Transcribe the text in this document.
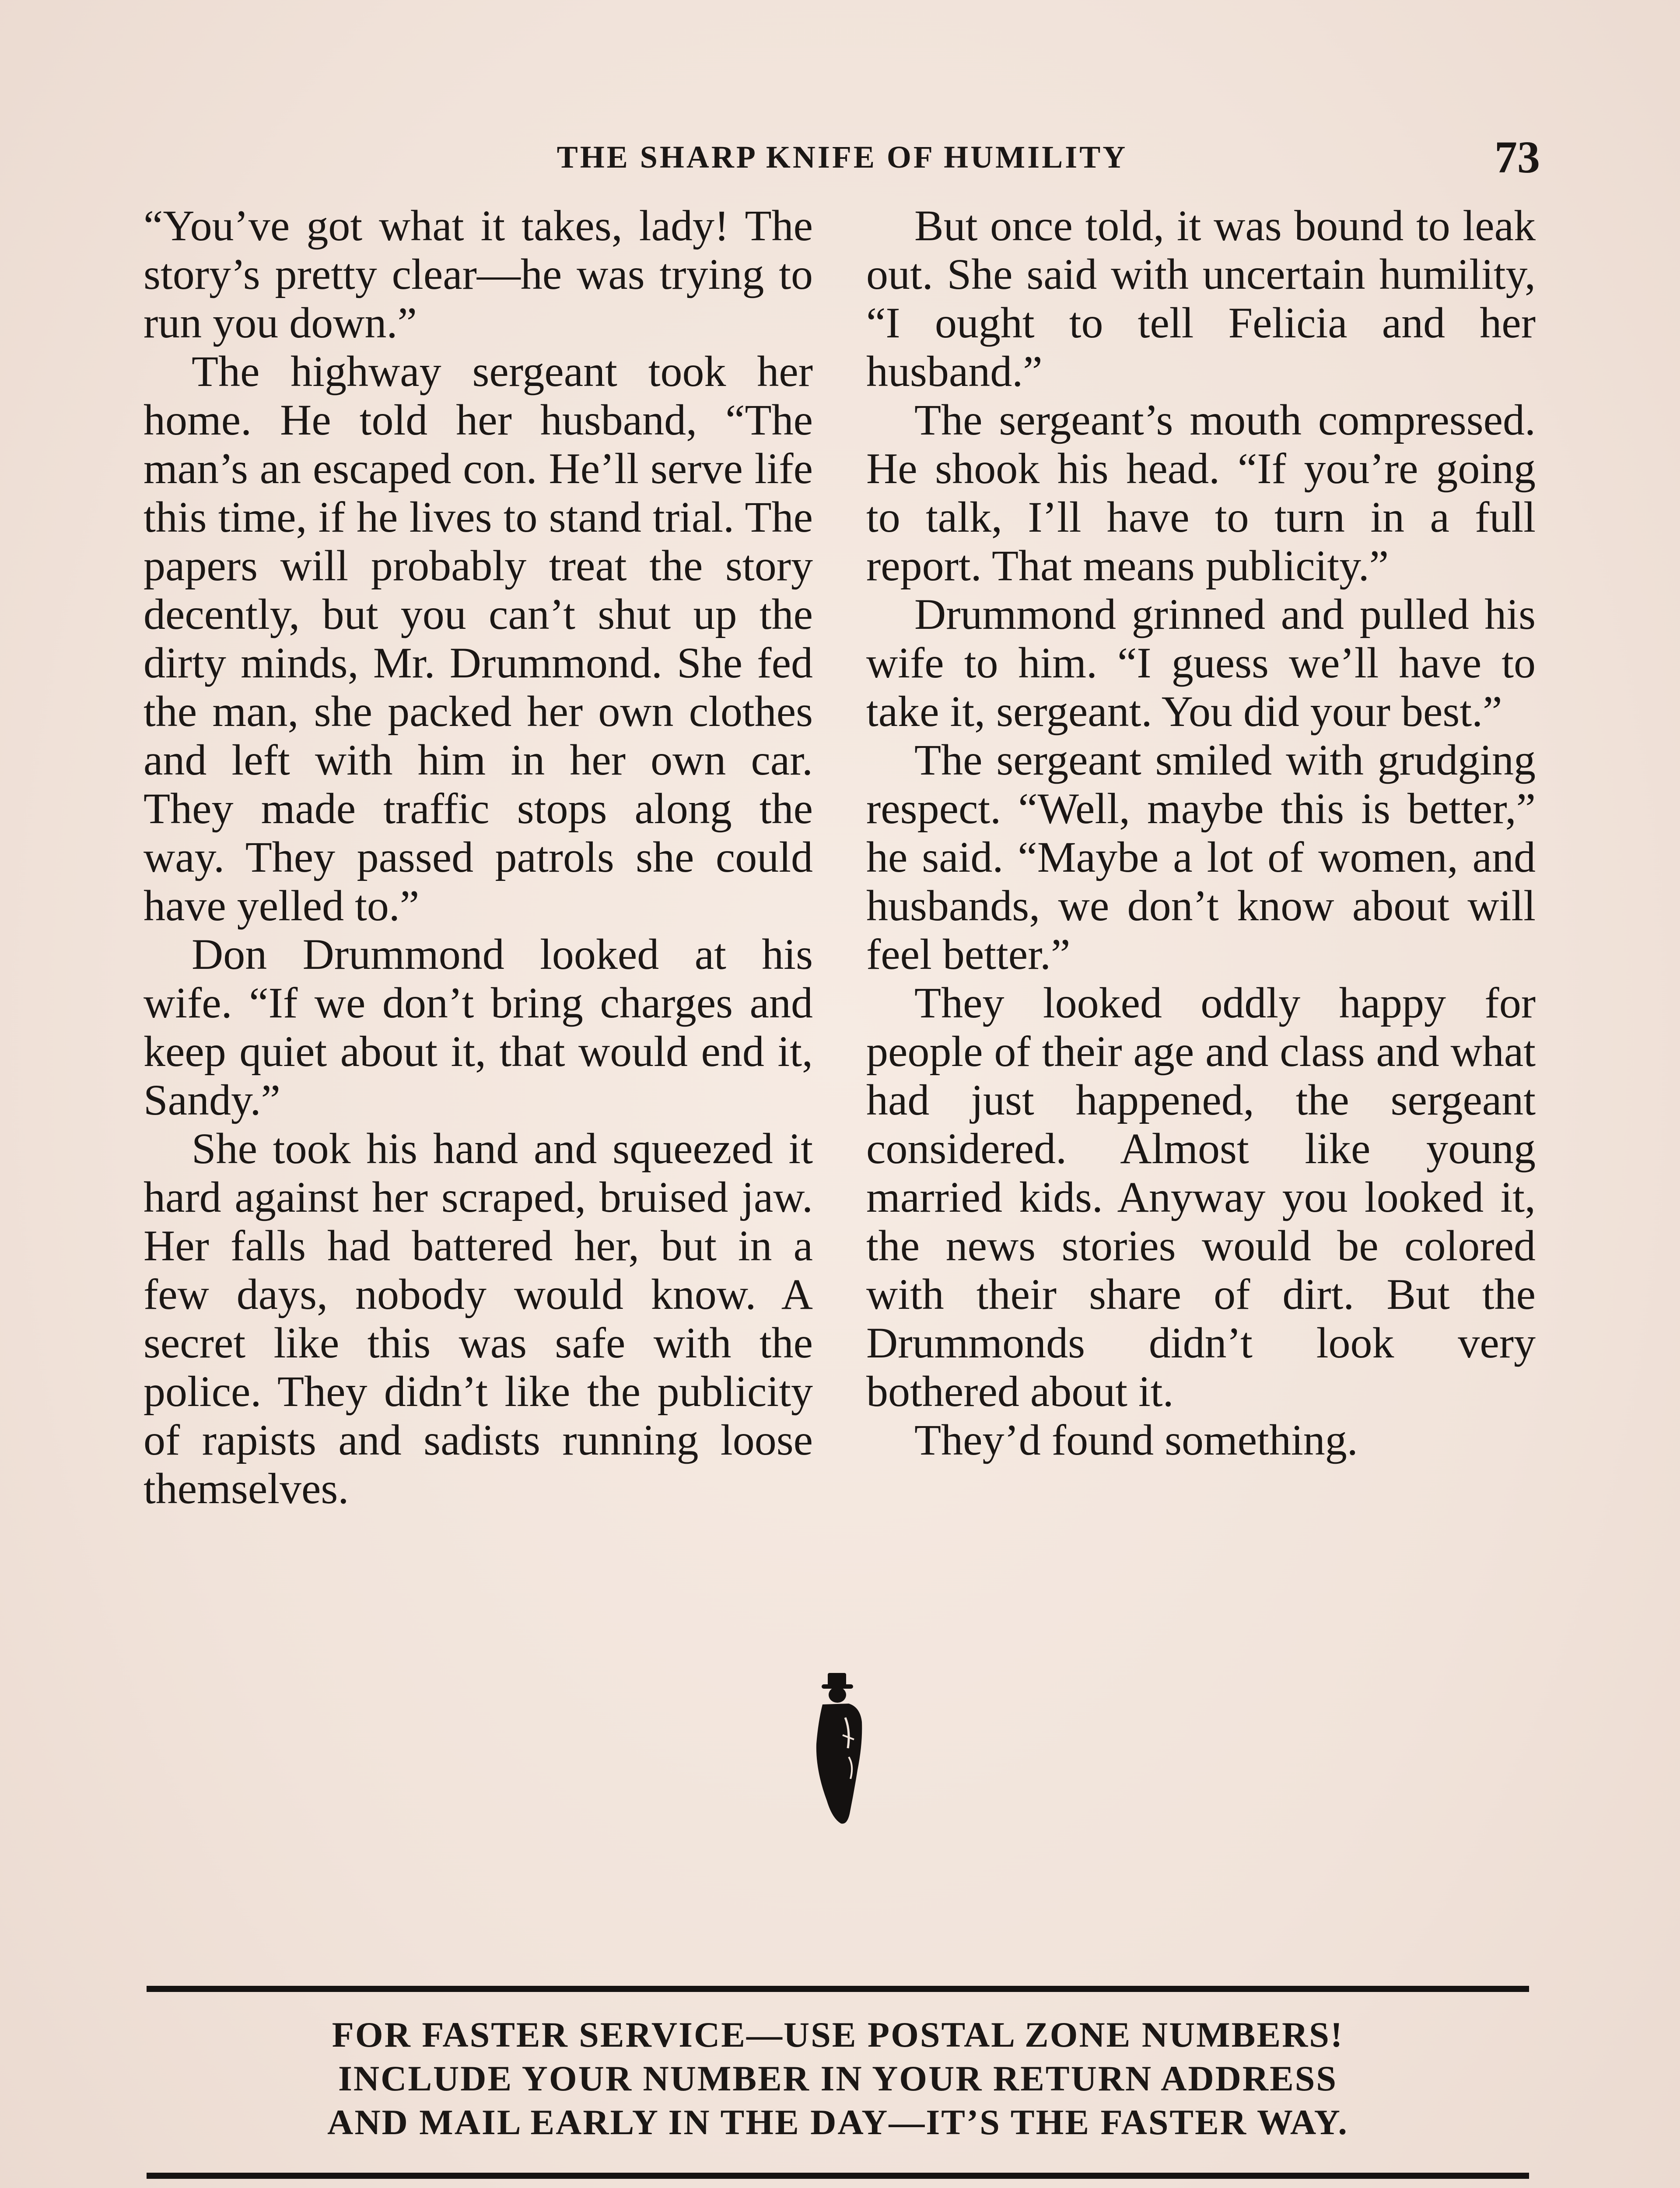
THE SHARP KNIFE OF HUMILITY	73

“You’ve got what it takes, lady! The story’s pretty clear—he was trying to run you down.”

The highway sergeant took her home. He told her husband, “The man’s an escaped con. He’ll serve life this time, if he lives to stand trial. The papers will probably treat the story decently, but you can’t shut up the dirty minds, Mr. Drummond. She fed the man, she packed her own clothes and left with him in her own car. They made traffic stops along the way. They passed patrols she could have yelled to.”

Don Drummond looked at his wife. “If we don’t bring charges and keep quiet about it, that would end it, Sandy.”

She took his hand and squeezed it hard against her scraped, bruised jaw. Her falls had battered her, but in a few days, nobody would know. A secret like this was safe with the police. They didn’t like the publicity of rapists and sadists running loose themselves.

But once told, it was bound to leak out. She said with uncertain humility, “I ought to tell Felicia and her husband.”

The sergeant’s mouth compressed. He shook his head. “If you’re going to talk, I’ll have to turn in a full report. That means publicity.”

Drummond grinned and pulled his wife to him. “I guess we’ll have to take it, sergeant. You did your best.”

The sergeant smiled with grudging respect. “Well, maybe this is better,” he said. “Maybe a lot of women, and husbands, we don’t know about will feel better.”

They looked oddly happy for people of their age and class and what had just happened, the sergeant considered. Almost like young married kids. Anyway you looked it, the news stories would be colored with their share of dirt. But the Drummonds didn’t look very bothered about it.

They’d found something.

FOR FASTER SERVICE—USE POSTAL ZONE NUMBERS!
INCLUDE YOUR NUMBER IN YOUR RETURN ADDRESS
AND MAIL EARLY IN THE DAY—IT’S THE FASTER WAY.
